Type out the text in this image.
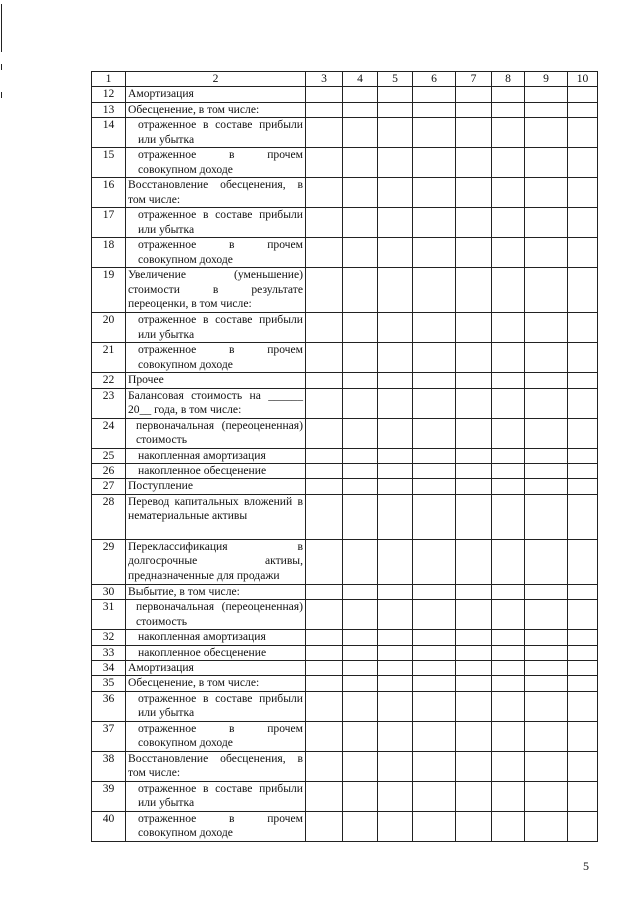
1	2	3	4	5	6	7	8	9	10
12	Амортизация								
13	Обесценение, в том числе:								
14	отраженное в составе прибыли или убытка								
15	отраженное в прочем совокупном доходе								
16	Восстановление обесценения, в том числе:								
17	отраженное в составе прибыли или убытка								
18	отраженное в прочем совокупном доходе								
19	Увеличение (уменьшение) стоимости в результате переоценки, в том числе:								
20	отраженное в составе прибыли или убытка								
21	отраженное в прочем совокупном доходе								
22	Прочее								
23	Балансовая стоимость на ______ 20__ года, в том числе:								
24	первоначальная (переоцененная) стоимость								
25	накопленная амортизация								
26	накопленное обесценение								
27	Поступление								
28	Перевод капитальных вложений в нематериальные активы								
29	Переклассификация в долгосрочные активы, предназначенные для продажи								
30	Выбытие, в том числе:								
31	первоначальная (переоцененная) стоимость								
32	накопленная амортизация								
33	накопленное обесценение								
34	Амортизация								
35	Обесценение, в том числе:								
36	отраженное в составе прибыли или убытка								
37	отраженное в прочем совокупном доходе								
38	Восстановление обесценения, в том числе:								
39	отраженное в составе прибыли или убытка								
40	отраженное в прочем совокупном доходе								
5
